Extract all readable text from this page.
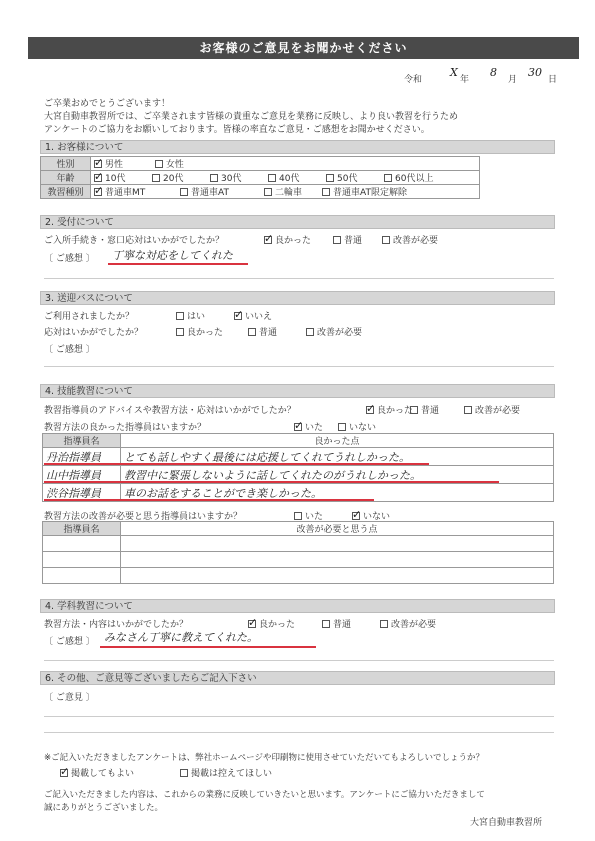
お客様のご意見をお聞かせください
令和
X
年
8
月
30
日
ご卒業おめでとうございます！
大宮自動車教習所では、ご卒業されます皆様の貴重なご意見を業務に反映し、より良い教習を行うため
アンケートのご協力をお願いしております。皆様の率直なご意見・ご感想をお聞かせください。
1. お客様について
性別	✓男性 女性
年齢	✓10代 20代 30代 40代 50代 60代以上
教習種別	✓普通車MT 普通車AT 二輪車 普通車AT限定解除
2. 受付について
ご入所手続き・窓口応対はいかがでしたか？ ✓	良かった	普通	改善が必要
〔 ご感想 〕 丁寧な対応をしてくれた
3. 送迎バスについて
ご利用されましたか？	はい ✓	いいえ
応対はいかがでしたか？	良かった	普通	改善が必要
〔 ご感想 〕
4. 技能教習について
教習指導員のアドバイスや教習方法・応対はいかがでしたか？ ✓	良かった 普通	改善が必要
教習方法の良かった指導員はいますか？ ✓	いた	いない
指導員名	良かった点
丹治指導員	とても話しやすく最後には応援してくれてうれしかった。
山中指導員	教習中に緊張しないように話してくれたのがうれしかった。
渋谷指導員	車のお話をすることができ楽しかった。
教習方法の改善が必要と思う指導員はいますか？	いた ✓	いない
指導員名	改善が必要と思う点

4. 学科教習について
教習方法・内容はいかがでしたか？ ✓	良かった	普通	改善が必要
〔 ご感想 〕 みなさん丁寧に教えてくれた。
6. その他、ご意見等ございましたらご記入下さい
〔 ご意見 〕
※ご記入いただきましたアンケートは、弊社ホームページや印刷物に使用させていただいてもよろしいでしょうか？
✓掲載してもよい	掲載は控えてほしい
ご記入いただきました内容は、これからの業務に反映していきたいと思います。アンケートにご協力いただきまして
誠にありがとうございました。
大宮自動車教習所
